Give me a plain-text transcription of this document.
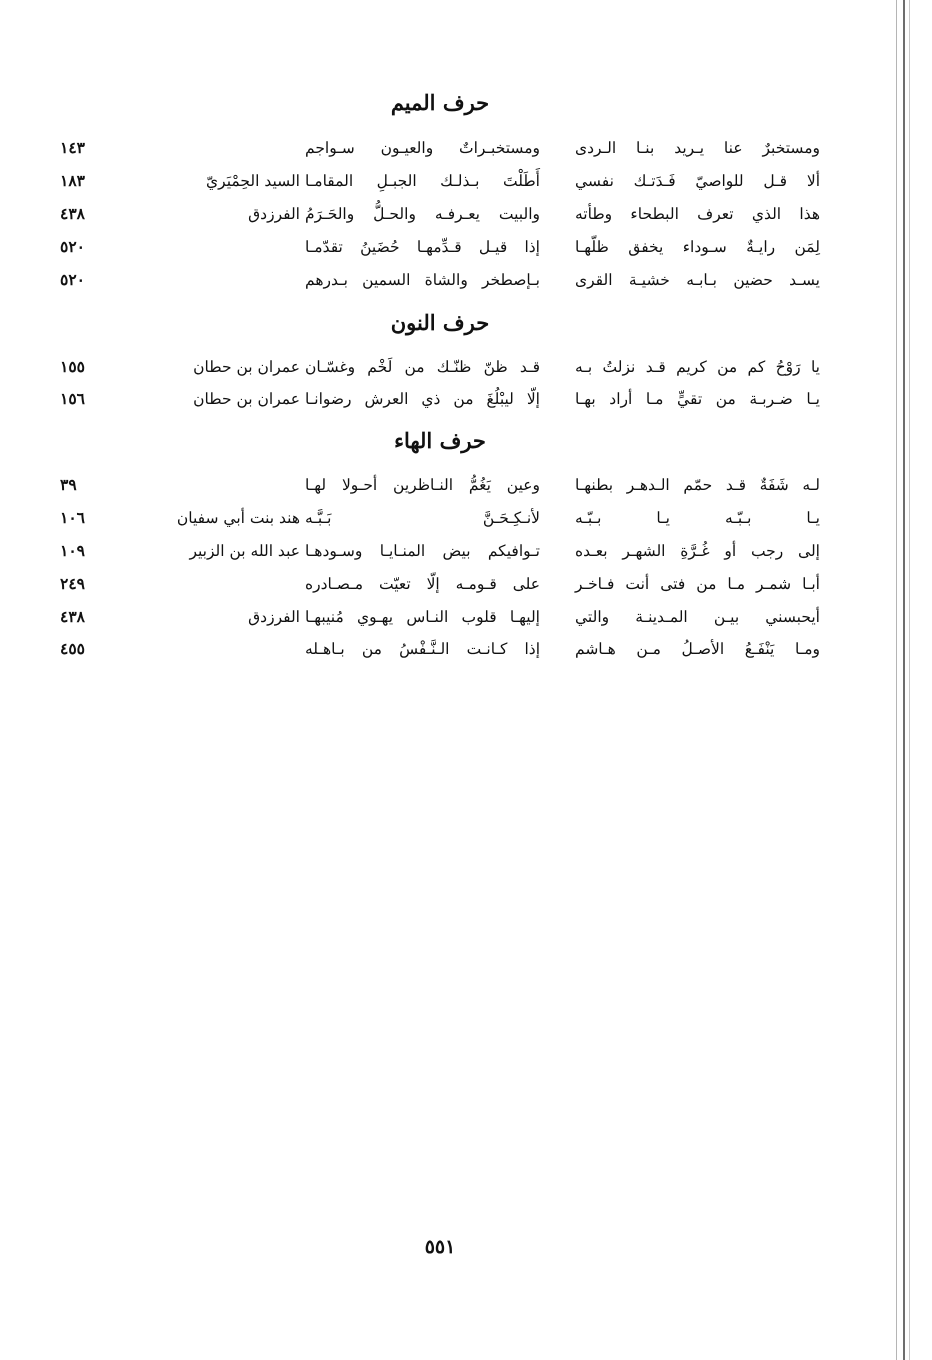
حرف الميم
ومستخبرٌ عنا يـريد بنـا الـردى
ومستخبـراتٌ والعيـون سـواجم
١٤٣
ألا قـل للواصيّ فَـدَتـك نفسي
أَطَلْتَ بـذلـك الجبـلِ المقامـا
السيد الحِمْيَريّ
١٨٣
هذا الذي تعرف البطحاء وطأته
والبيت يعـرفـه والحـلُّ والحَـرَمُ
الفرزدق
٤٣٨
لِمَن رايـةٌ سـوداء يخفق ظلّهـا
إذا قيـل قـدِّمهـا حُضَينُ تقدّمـا
٥٢٠
يسـد حضين بـابـه خشيـة القرى
بـإصطخر والشاة السمين بـدرهم
٥٢٠
حرف النون
يا رَوْحُ كم من كريم قـد نزلتُ بـه
قـد ظنّ ظنّـك من لَخْم وغسّـان
عمران بن حطان
١٥٥
يـا ضـربـة من تقيٍّ مـا أراد بهـا
إلّا ليبْلُغَ من ذي العرش رضوانـا
عمران بن حطان
١٥٦
حرف الهاء
لـه شَفَةٌ قـد حمّم الـدهـر بطنهـا
وعين يَغُمُّ النـاظرين أحـولا لهـا
٣٩
يـا بـبّـه يـا بـبّـه
لأنـكِـحَـنَّ بَـبَّـه
هند بنت أبي سفيان
١٠٦
إلى رجب أو غُـرَّةِ الشهـر بعـده
تـوافيكم بيض المنـايـا وسـودهـا
عبد الله بن الزبير
١٠٩
أبـا شمـر مـا من فتى أنت فـاخـر
على قـومـه إلّا تعيّت مـصـادره
٢٤٩
أيحبسني بيـن المـدينـة والتي
إليهـا قلوب النـاس يهـوي مُنيبهـا
الفرزدق
٤٣٨
ومـا يَنْفَـعُ الأصـلُ مـن هـاشم
إذا كـانـت الـنَّـفْسُ من بـاهـله
٤٥٥
٥٥١
